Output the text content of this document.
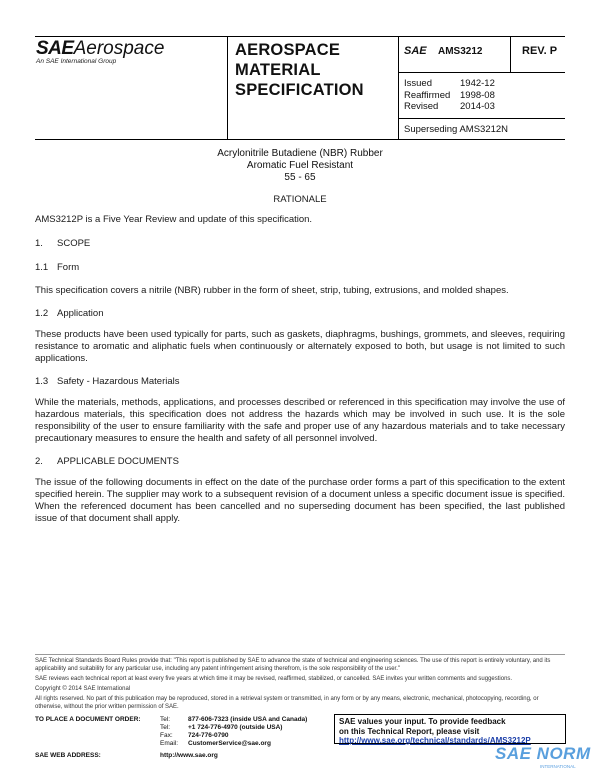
SAEAerospace
An SAE International Group
AEROSPACE
MATERIAL
SPECIFICATION
SAE AMS3212	REV. P
Issued	1942-12
Reaffirmed 1998-08
Revised 2014-03
Superseding AMS3212N
Acrylonitrile Butadiene (NBR) Rubber
Aromatic Fuel Resistant
55 - 65
RATIONALE
AMS3212P is a Five Year Review and update of this specification.
1. SCOPE
1.1 Form
This specification covers a nitrile (NBR) rubber in the form of sheet, strip, tubing, extrusions, and molded shapes.
1.2 Application
These products have been used typically for parts, such as gaskets, diaphragms, bushings, grommets, and sleeves, requiring resistance to aromatic and aliphatic fuels when continuously or alternately exposed to both, but usage is not limited to such applications.
1.3 Safety - Hazardous Materials
While the materials, methods, applications, and processes described or referenced in this specification may involve the use of hazardous materials, this specification does not address the hazards which may be involved in such use. It is the sole responsibility of the user to ensure familiarity with the safe and proper use of any hazardous materials and to take necessary precautionary measures to ensure the health and safety of all personnel involved.
2. APPLICABLE DOCUMENTS
The issue of the following documents in effect on the date of the purchase order forms a part of this specification to the extent specified herein. The supplier may work to a subsequent revision of a document unless a specific document issue is specified. When the referenced document has been cancelled and no superseding document has been specified, the last published issue of that document shall apply.
SAE Technical Standards Board Rules provide that: "This report is published by SAE to advance the state of technical and engineering sciences. The use of this report is entirely voluntary, and its applicability and suitability for any particular use, including any patent infringement arising therefrom, is the sole responsibility of the user."
SAE reviews each technical report at least every five years at which time it may be revised, reaffirmed, stabilized, or cancelled. SAE invites your written comments and suggestions.
Copyright © 2014 SAE International
All rights reserved. No part of this publication may be reproduced, stored in a retrieval system or transmitted, in any form or by any means, electronic, mechanical, photocopying, recording, or otherwise, without the prior written permission of SAE.
TO PLACE A DOCUMENT ORDER:	Tel:	877-606-7323 (inside USA and Canada)
Tel:	+1 724-776-4970 (outside USA)
Fax: 724-776-0790
Email: CustomerService@sae.org
SAE WEB ADDRESS:	http://www.sae.org
SAE values your input. To provide feedback
on this Technical Report, please visit
http://www.sae.org/technical/standards/AMS3212P
SAE NORM
INTERNATIONAL
